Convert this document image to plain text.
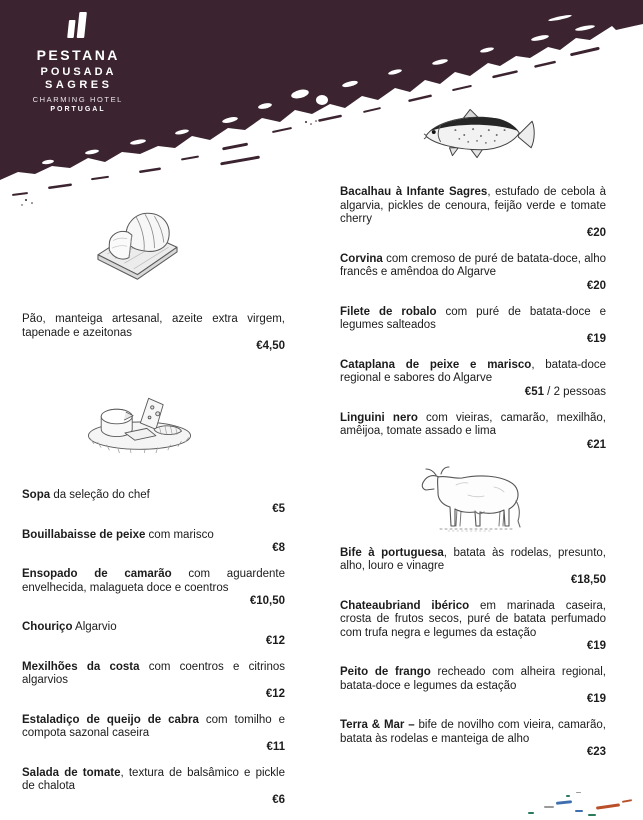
PESTANA
POUSADA
SAGRES
CHARMING HOTEL
PORTUGAL

Pão, manteiga artesanal, azeite extra virgem, tapenade e azeitonas

€4,50

Sopa da seleção do chef

€5

Bouillabaisse de peixe com marisco

€8

Ensopado de camarão com aguardente envelhecida, malagueta doce e coentros

€10,50

Chouriço Algarvio

€12

Mexilhões da costa com coentros e citrinos algarvios

€12

Estaladiço de queijo de cabra com tomilho e compota sazonal caseira

€11

Salada de tomate, textura de balsâmico e pickle de chalota

€6

Bacalhau à Infante Sagres, estufado de cebola à algarvia, pickles de cenoura, feijão verde e tomate cherry

€20

Corvina com cremoso de puré de batata-doce, alho francês e amêndoa do Algarve

€20

Filete de robalo com puré de batata-doce e legumes salteados

€19

Cataplana de peixe e marisco, batata-doce regional e sabores do Algarve

€51 / 2 pessoas

Linguini nero com vieiras, camarão, mexilhão, amêijoa, tomate assado e lima

€21

Bife à portuguesa, batata às rodelas, presunto, alho, louro e vinagre

€18,50

Chateaubriand ibérico em marinada caseira, crosta de frutos secos, puré de batata perfumado com trufa negra e legumes da estação

€19

Peito de frango recheado com alheira regional, batata-doce e legumes da estação

€19

Terra & Mar – bife de novilho com vieira, camarão, batata às rodelas e manteiga de alho

€23
